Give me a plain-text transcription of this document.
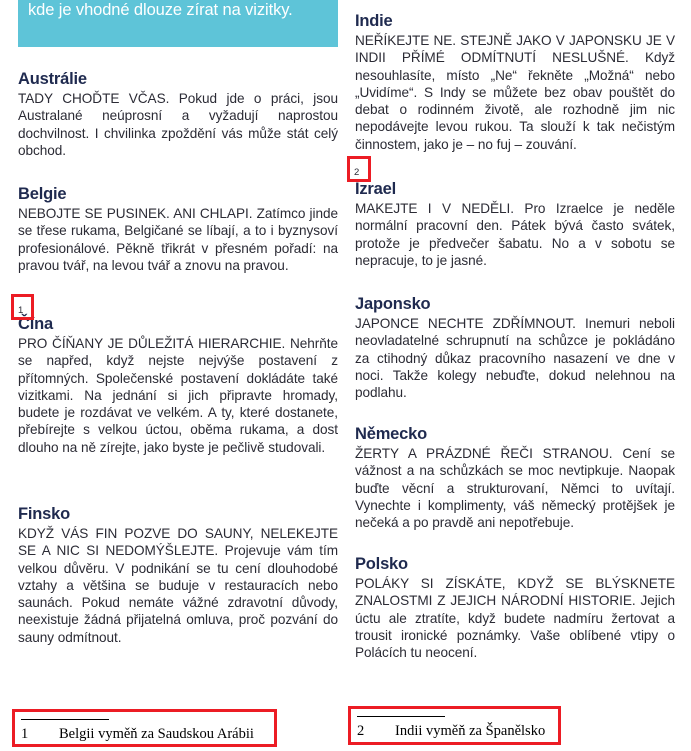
kde je vhodné dlouze zírat na vizitky.

Austrálie

TADY CHOĎTE VČAS. Pokud jde o práci, jsou Australané neúprosní a vyžadují naprostou dochvilnost. I chvilinka zpoždění vás může stát celý obchod.

Belgie

NEBOJTE SE PUSINEK. ANI CHLAPI. Zatímco jinde se třese rukama, Belgičané se líbají, a to i byznysoví profesionálové. Pěkně třikrát v přesném pořadí: na pravou tvář, na levou tvář a znovu na pravou.

Čína

PRO ČÍŇANY JE DŮLEŽITÁ HIERARCHIE. Nehrňte se napřed, když nejste nejvýše postavení z přítomných. Společenské postavení dokládáte také vizitkami. Na jednání si jich připravte hromady, budete je rozdávat ve velkém. A ty, které dostanete, přebírejte s velkou úctou, oběma rukama, a dost dlouho na ně zírejte, jako byste je pečlivě studovali.

Finsko

KDYŽ VÁS FIN POZVE DO SAUNY, NELEKEJTE SE A NIC SI NEDOMÝŠLEJTE. Projevuje vám tím velkou důvěru. V podnikání se tu cení dlouhodobé vztahy a většina se buduje v restauracích nebo saunách. Pokud nemáte vážné zdravotní důvody, neexistuje žádná přijatelná omluva, proč pozvání do sauny odmítnout.

Indie

NEŘÍKEJTE NE. STEJNĚ JAKO V JAPONSKU JE V INDII PŘÍMÉ ODMÍTNUTÍ NESLUŠNÉ. Když nesouhlasíte, místo „Ne“ řekněte „Možná“ nebo „Uvidíme“. S Indy se můžete bez obav pouštět do debat o rodinném životě, ale rozhodně jim nic nepodávejte levou rukou. Ta slouží k tak nečistým činnostem, jako je – no fuj – zouvání.

Izrael

MAKEJTE I V NEDĚLI. Pro Izraelce je neděle normální pracovní den. Pátek bývá často svátek, protože je předvečer šabatu. No a v sobotu se nepracuje, to je jasné.

Japonsko

JAPONCE NECHTE ZDŘÍMNOUT. Inemuri neboli neovladatelné schrupnutí na schůzce je pokládáno za ctihodný důkaz pracovního nasazení ve dne v noci. Takže kolegy nebuďte, dokud nelehnou na podlahu.

Německo

ŽERTY A PRÁZDNÉ ŘEČI STRANOU. Cení se vážnost a na schůzkách se moc nevtipkuje. Naopak buďte věcní a strukturovaní, Němci to uvítají. Vynechte i komplimenty, váš německý protějšek je nečeká a po pravdě ani nepotřebuje.

Polsko

POLÁKY SI ZÍSKÁTE, KDYŽ SE BLÝSKNETE ZNALOSTMI Z JEJICH NÁRODNÍ HISTORIE. Jejich úctu ale ztratíte, když budete nadmíru žertovat a trousit ironické poznámky. Vaše oblíbené vtipy o Polácích tu neocení.

1
2
1 Belgii vyměň za Saudskou Arábii	2 Indii vyměň za Španělsko
